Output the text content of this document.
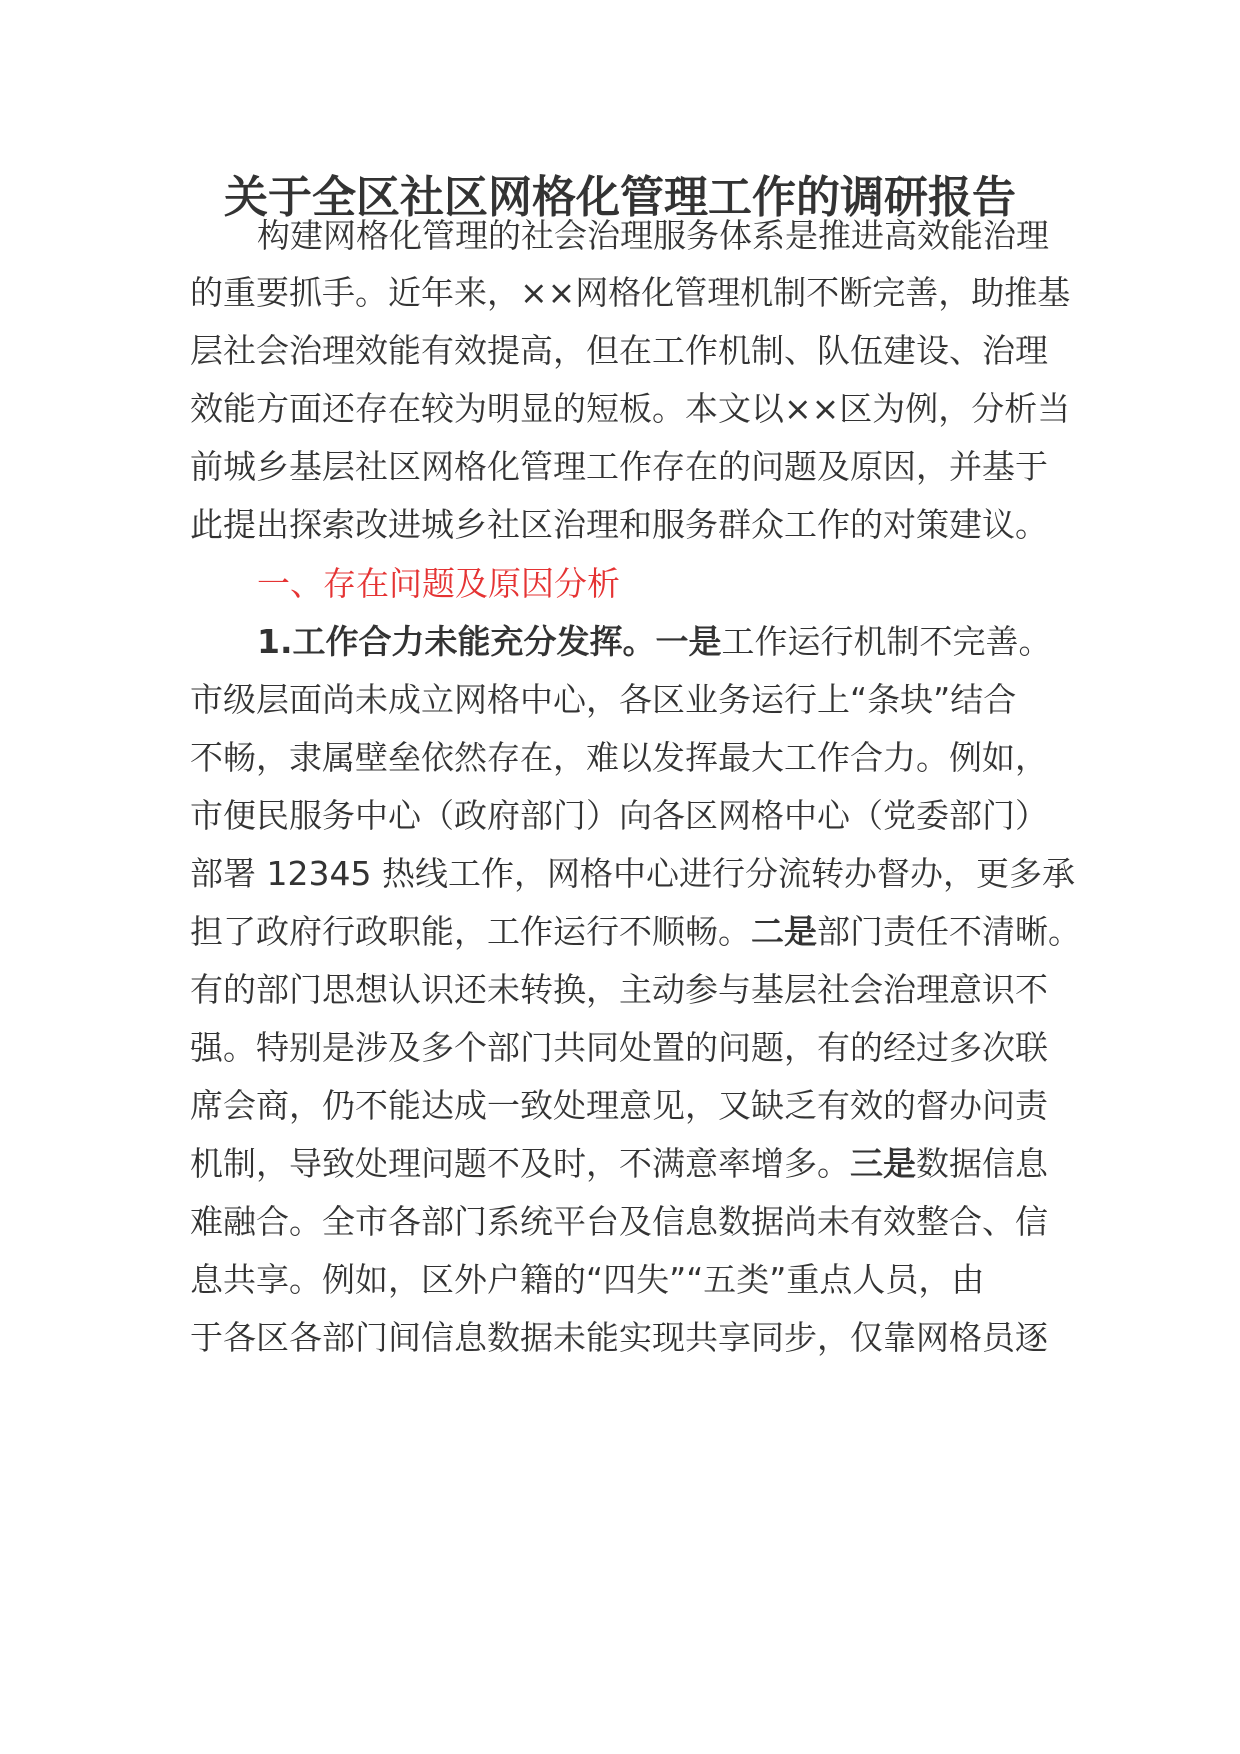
关于全区社区网格化管理工作的调研报告
构建网格化管理的社会治理服务体系是推进高效能治理
的重要抓手。近年来，××网格化管理机制不断完善，助推基
层社会治理效能有效提高，但在工作机制、队伍建设、治理
效能方面还存在较为明显的短板。本文以××区为例，分析当
前城乡基层社区网格化管理工作存在的问题及原因，并基于
此提出探索改进城乡社区治理和服务群众工作的对策建议。
一、存在问题及原因分析
1.工作合力未能充分发挥。一是工作运行机制不完善。
市级层面尚未成立网格中心，各区业务运行上“条块”结合
不畅，隶属壁垒依然存在，难以发挥最大工作合力。例如，
市便民服务中心（政府部门）向各区网格中心（党委部门）
部署 12345 热线工作，网格中心进行分流转办督办，更多承
担了政府行政职能，工作运行不顺畅。二是部门责任不清晰。
有的部门思想认识还未转换，主动参与基层社会治理意识不
强。特别是涉及多个部门共同处置的问题，有的经过多次联
席会商，仍不能达成一致处理意见，又缺乏有效的督办问责
机制，导致处理问题不及时，不满意率增多。三是数据信息
难融合。全市各部门系统平台及信息数据尚未有效整合、信
息共享。例如，区外户籍的“四失”“五类”重点人员，由
于各区各部门间信息数据未能实现共享同步，仅靠网格员逐
